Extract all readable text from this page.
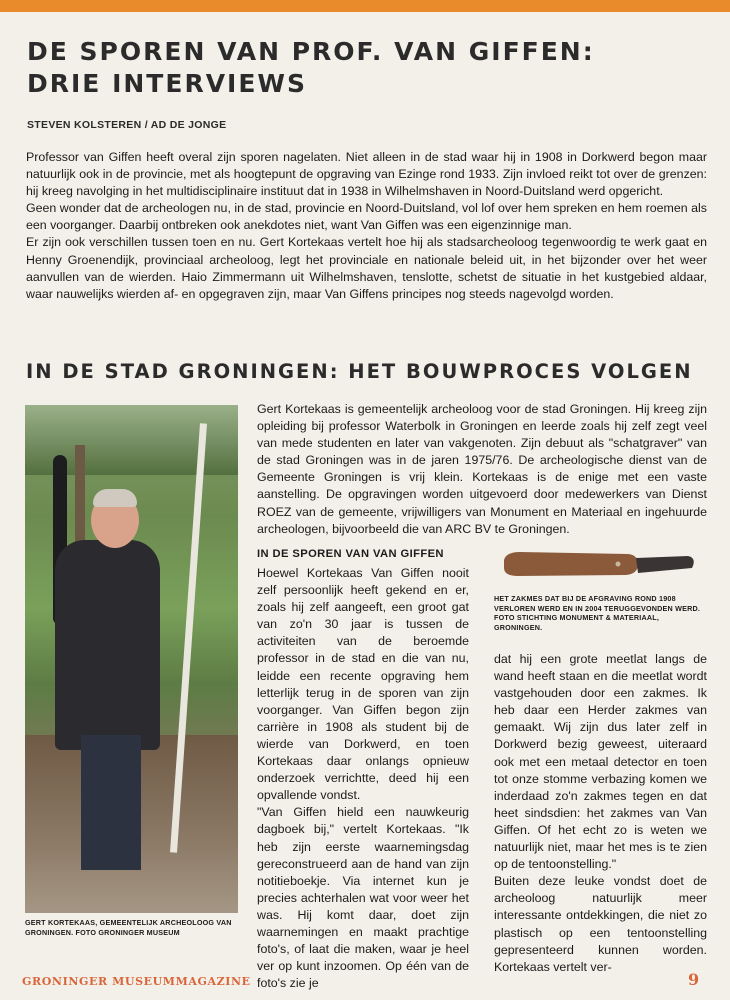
DE SPOREN VAN PROF. VAN GIFFEN:
DRIE INTERVIEWS
STEVEN KOLSTEREN / AD DE JONGE

Professor van Giffen heeft overal zijn sporen nagelaten. Niet alleen in de stad waar hij in 1908 in Dorkwerd begon maar natuurlijk ook in de provincie, met als hoogtepunt de opgraving van Ezinge rond 1933. Zijn invloed reikt tot over de grenzen: hij kreeg navolging in het multidisciplinaire instituut dat in 1938 in Wilhelmshaven in Noord-Duitsland werd opgericht.

Geen wonder dat de archeologen nu, in de stad, provincie en Noord-Duitsland, vol lof over hem spreken en hem roemen als een voorganger. Daarbij ontbreken ook anekdotes niet, want Van Giffen was een eigenzinnige man.

Er zijn ook verschillen tussen toen en nu. Gert Kortekaas vertelt hoe hij als stadsarcheoloog tegenwoordig te werk gaat en Henny Groenendijk, provinciaal archeoloog, legt het provinciale en nationale beleid uit, in het bijzonder over het weer aanvullen van de wierden. Haio Zimmermann uit Wilhelmshaven, tenslotte, schetst de situatie in het kustgebied aldaar, waar nauwelijks wierden af- en opgegraven zijn, maar Van Giffens principes nog steeds nagevolgd worden.

IN DE STAD GRONINGEN: HET BOUWPROCES VOLGEN
GERT KORTEKAAS, GEMEENTELIJK ARCHEOLOOG VAN GRONINGEN. FOTO GRONINGER MUSEUM

Gert Kortekaas is gemeentelijk archeoloog voor de stad Groningen. Hij kreeg zijn opleiding bij professor Waterbolk in Groningen en leerde zoals hij zelf zegt veel van mede studenten en later van vakgenoten. Zijn debuut als "schatgraver" van de stad Groningen was in de jaren 1975/76. De archeologische dienst van de Gemeente Groningen is vrij klein. Kortekaas is de enige met een vaste aanstelling. De opgravingen worden uitgevoerd door medewerkers van Dienst ROEZ van de gemeente, vrijwilligers van Monument en Materiaal en ingehuurde archeologen, bijvoorbeeld die van ARC BV te Groningen.

IN DE SPOREN VAN VAN GIFFEN

Hoewel Kortekaas Van Giffen nooit zelf persoonlijk heeft gekend en er, zoals hij zelf aangeeft, een groot gat van zo'n 30 jaar is tussen de activiteiten van de beroemde professor in de stad en die van nu, leidde een recente opgraving hem letterlijk terug in de sporen van zijn voorganger. Van Giffen begon zijn carrière in 1908 als student bij de wierde van Dorkwerd, en toen Kortekaas daar onlangs opnieuw onderzoek verrichtte, deed hij een opvallende vondst.

"Van Giffen hield een nauwkeurig dagboek bij," vertelt Kortekaas. "Ik heb zijn eerste waarnemingsdag gereconstrueerd aan de hand van zijn notitieboekje. Via internet kun je precies achterhalen wat voor weer het was. Hij komt daar, doet zijn waarnemingen en maakt prachtige foto's, of laat die maken, waar je heel ver op kunt inzoomen. Op één van de foto's zie je

HET ZAKMES DAT BIJ DE AFGRAVING ROND 1908 VERLOREN WERD EN IN 2004 TERUGGEVONDEN WERD. FOTO STICHTING MONUMENT & MATERIAAL, GRONINGEN.

dat hij een grote meetlat langs de wand heeft staan en die meetlat wordt vastgehouden door een zakmes. Ik heb daar een Herder zakmes van gemaakt. Wij zijn dus later zelf in Dorkwerd bezig geweest, uiteraard ook met een metaal detector en toen tot onze stomme verbazing komen we inderdaad zo'n zakmes tegen en dat heet sindsdien: het zakmes van Van Giffen. Of het echt zo is weten we natuurlijk niet, maar het mes is te zien op de tentoonstelling."

Buiten deze leuke vondst doet de archeoloog natuurlijk meer interessante ontdekkingen, die niet zo plastisch op een tentoonstelling gepresenteerd kunnen worden. Kortekaas vertelt ver-

GRONINGER MUSEUMMAGAZINE	9
